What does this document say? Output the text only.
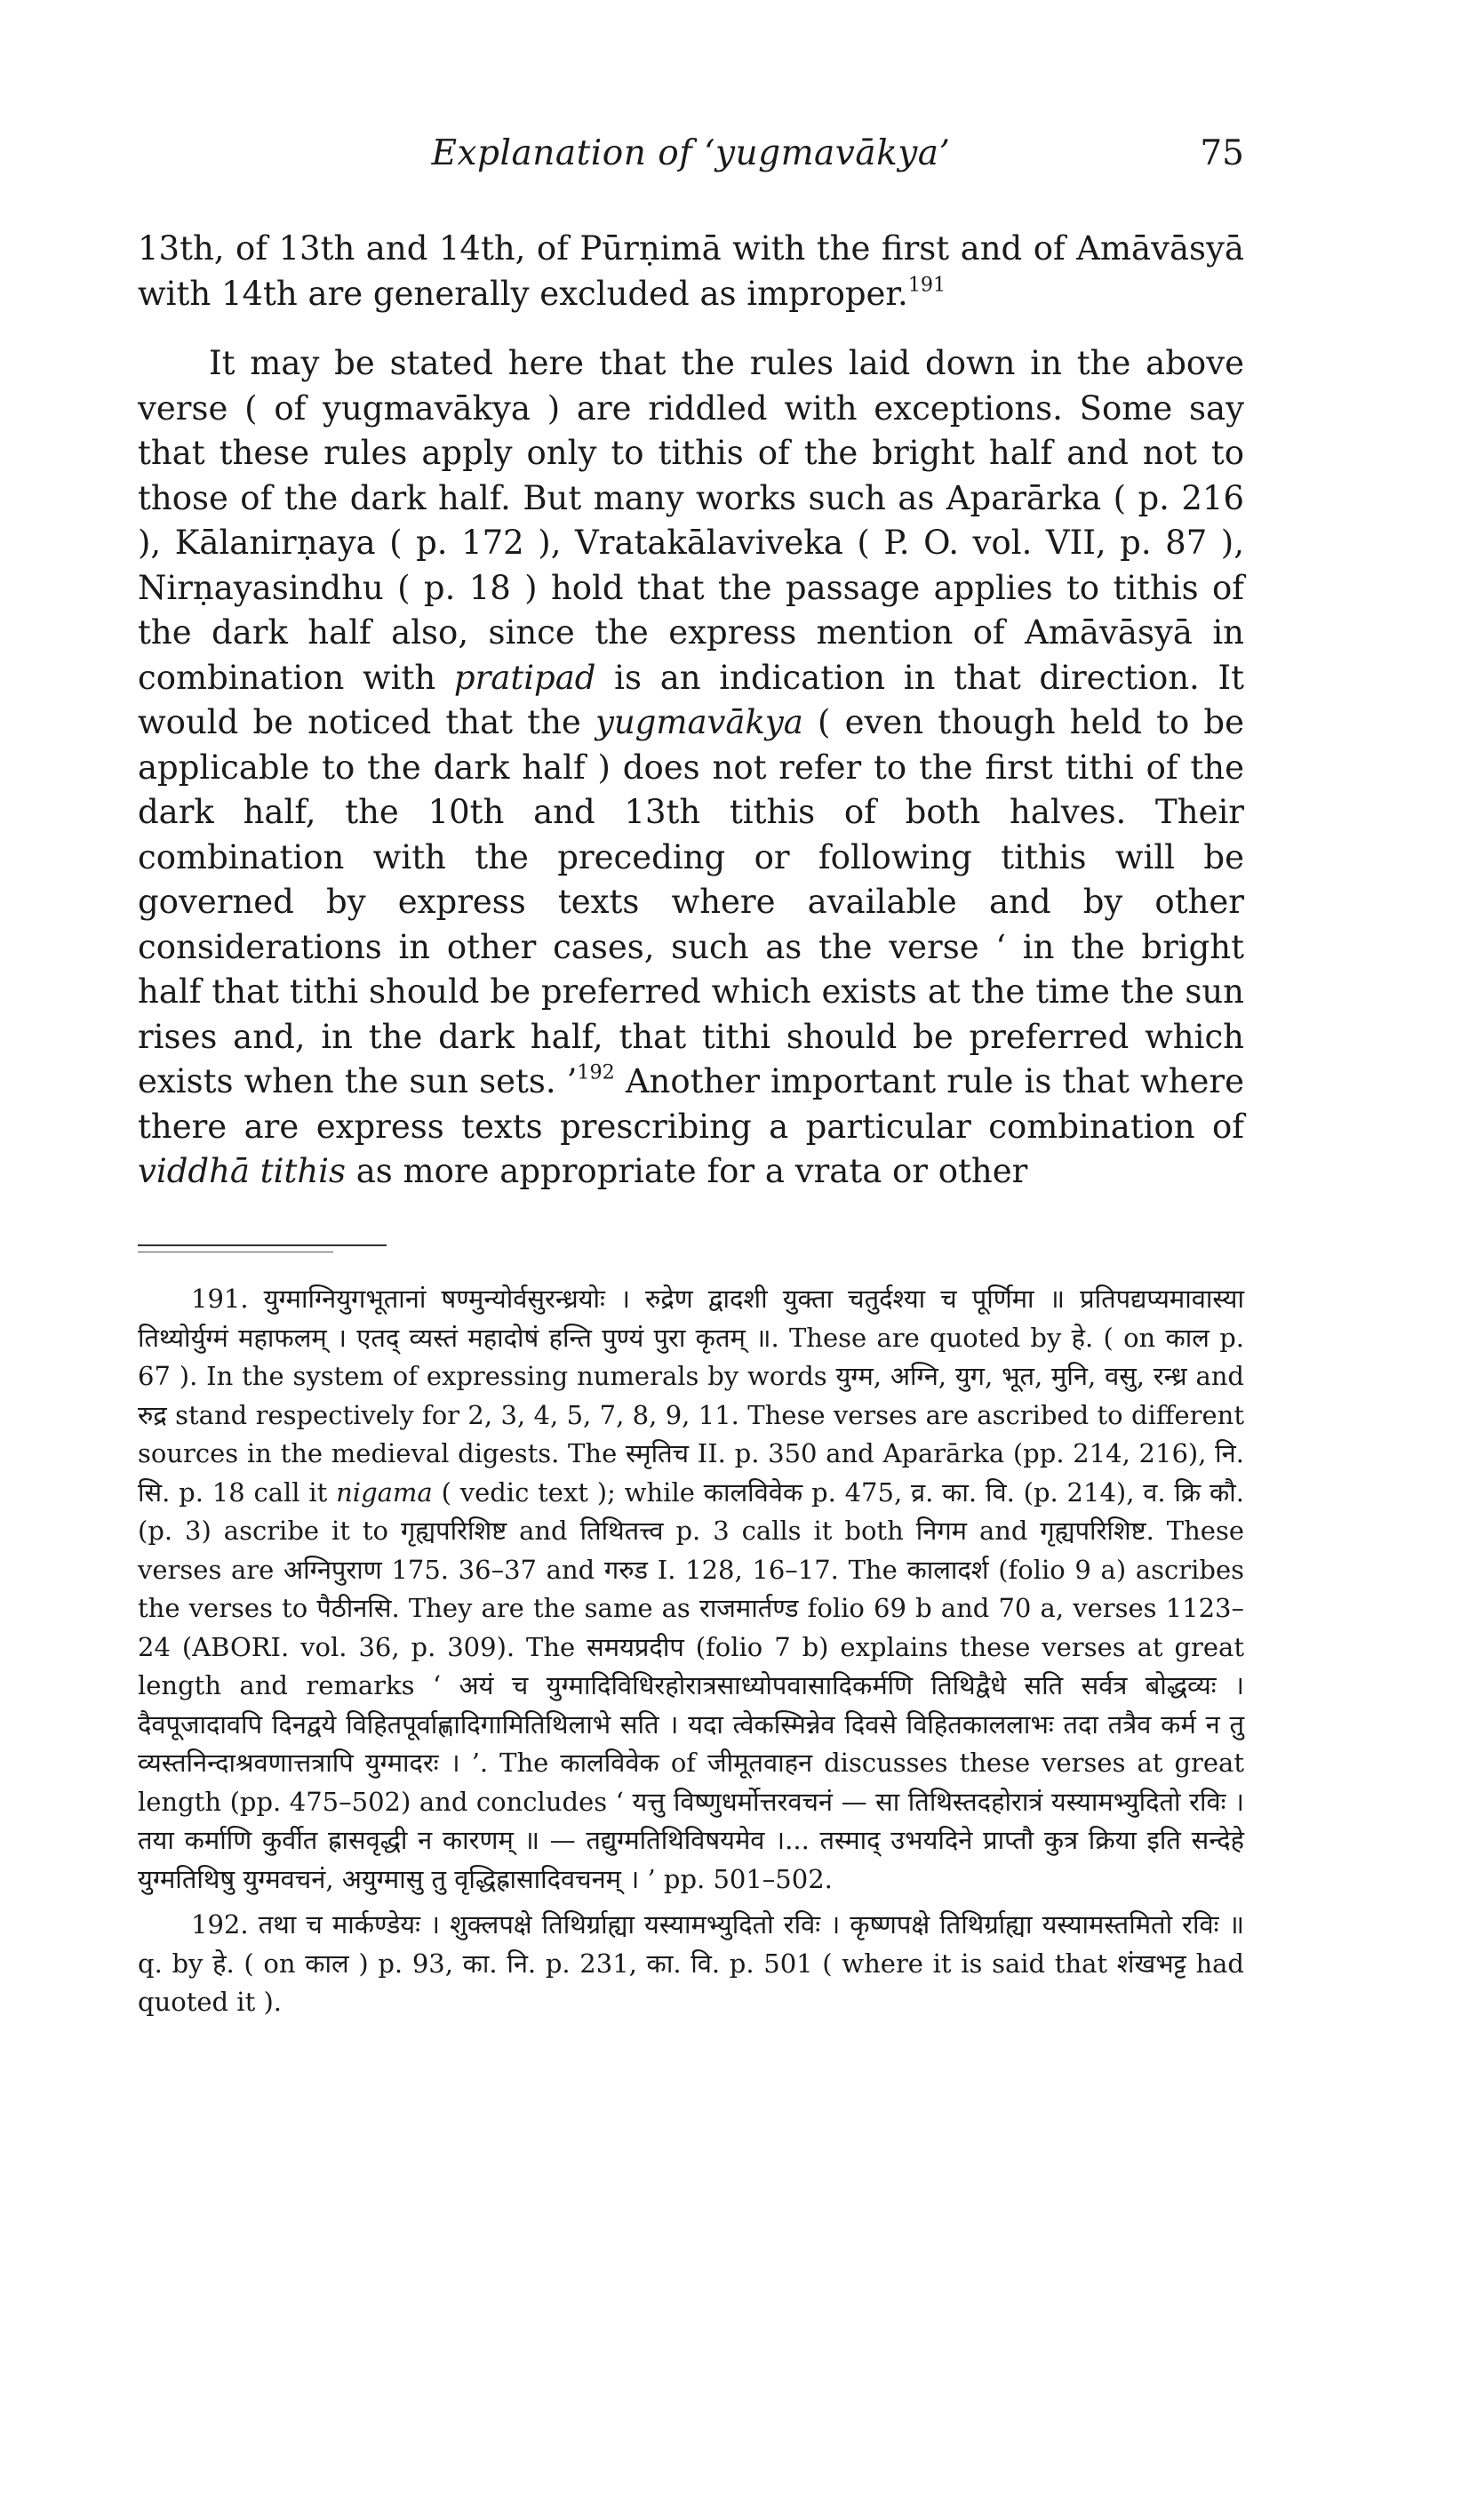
Explanation of ‘yugmavākya’	75

13th, of 13th and 14th, of Pūrṇimā with the first and of Amāvāsyā with 14th are generally excluded as improper.$^{191}$

It may be stated here that the rules laid down in the above verse ( of yugmavākya ) are riddled with exceptions. Some say that these rules apply only to tithis of the bright half and not to those of the dark half. But many works such as Aparārka ( p. 216 ), Kālanirṇaya ( p. 172 ), Vratakālaviveka ( P. O. vol. VII, p. 87 ), Nirṇayasindhu ( p. 18 ) hold that the passage applies to tithis of the dark half also, since the express mention of Amāvāsyā in combination with pratipad is an indication in that direction. It would be noticed that the yugmavākya ( even though held to be applicable to the dark half ) does not refer to the first tithi of the dark half, the 10th and 13th tithis of both halves. Their combination with the preceding or following tithis will be governed by express texts where available and by other considerations in other cases, such as the verse ‘ in the bright half that tithi should be preferred which exists at the time the sun rises and, in the dark half, that tithi should be preferred which exists when the sun sets. ’$^{192}$ Another important rule is that where there are express texts prescribing a particular combination of viddhā tithis as more appropriate for a vrata or other

191. युग्माग्नियुगभूतानां षण्मुन्योर्वसुरन्ध्रयोः । रुद्रेण द्वादशी युक्ता चतुर्दश्या च पूर्णिमा ॥ प्रतिपद्यप्यमावास्या तिथ्योर्युग्मं महाफलम् । एतद् व्यस्तं महादोषं हन्ति पुण्यं पुरा कृतम् ॥. These are quoted by हे. ( on काल p. 67 ). In the system of expressing numerals by words युग्म, अग्नि, युग, भूत, मुनि, वसु, रन्ध्र and रुद्र stand respectively for 2, 3, 4, 5, 7, 8, 9, 11. These verses are ascribed to different sources in the medieval digests. The स्मृतिच II. p. 350 and Aparārka (pp. 214, 216), नि. सि. p. 18 call it nigama ( vedic text ); while कालविवेक p. 475, व्र. का. वि. (p. 214), व. क्रि कौ. (p. 3) ascribe it to गृह्यपरिशिष्ट and तिथितत्त्व p. 3 calls it both निगम and गृह्यपरिशिष्ट. These verses are अग्निपुराण 175. 36–37 and गरुड I. 128, 16–17. The कालादर्श (folio 9 a) ascribes the verses to पैठीनसि. They are the same as राजमार्तण्ड folio 69 b and 70 a, verses 1123–24 (ABORI. vol. 36, p. 309). The समयप्रदीप (folio 7 b) explains these verses at great length and remarks ‘ अयं च युग्मादिविधिरहोरात्रसाध्योपवासादिकर्मणि तिथिद्वैधे सति सर्वत्र बोद्धव्यः । दैवपूजादावपि दिनद्वये विहितपूर्वाह्णादिगामितिथिलाभे सति । यदा त्वेकस्मिन्नेव दिवसे विहितकाललाभः तदा तत्रैव कर्म न तु व्यस्तनिन्दाश्रवणात्तत्रापि युग्मादरः । ’. The कालविवेक of जीमूतवाहन discusses these verses at great length (pp. 475–502) and concludes ‘ यत्तु विष्णुधर्मोत्तरवचनं — सा तिथिस्तदहोरात्रं यस्यामभ्युदितो रविः । तया कर्माणि कुर्वीत ह्रासवृद्धी न कारणम् ॥ — तद्युग्मतिथिविषयमेव ।... तस्माद् उभयदिने प्राप्तौ कुत्र क्रिया इति सन्देहे युग्मतिथिषु युग्मवचनं, अयुग्मासु तु वृद्धिह्रासादिवचनम् । ’ pp. 501–502.

192. तथा च मार्कण्डेयः । शुक्लपक्षे तिथिर्ग्राह्या यस्यामभ्युदितो रविः । कृष्णपक्षे तिथिर्ग्राह्या यस्यामस्तमितो रविः ॥ q. by हे. ( on काल ) p. 93, का. नि. p. 231, का. वि. p. 501 ( where it is said that शंखभट्ट had quoted it ).
